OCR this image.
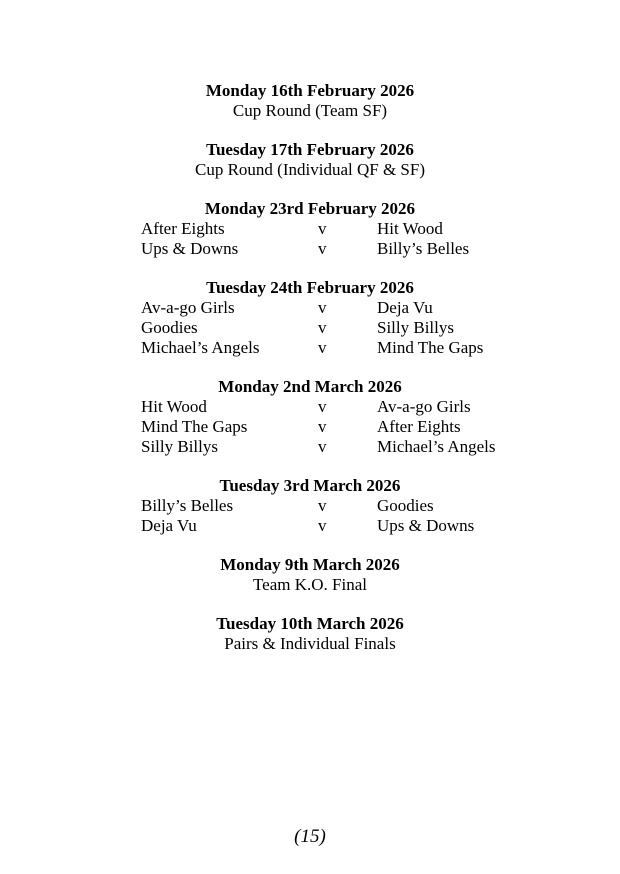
Monday 16th February 2026
Cup Round (Team SF)
Tuesday 17th February 2026
Cup Round (Individual QF & SF)
Monday 23rd February 2026
After Eights	v	Hit Wood
Ups & Downs	v	Billy’s Belles
Tuesday 24th February 2026
Av-a-go Girls	v	Deja Vu
Goodies	v	Silly Billys
Michael’s Angels	v	Mind The Gaps
Monday 2nd March 2026
Hit Wood	v	Av-a-go Girls
Mind The Gaps	v	After Eights
Silly Billys	v	Michael’s Angels
Tuesday 3rd March 2026
Billy’s Belles	v	Goodies
Deja Vu	v	Ups & Downs
Monday 9th March 2026
Team K.O. Final
Tuesday 10th March 2026
Pairs & Individual Finals
(15)
